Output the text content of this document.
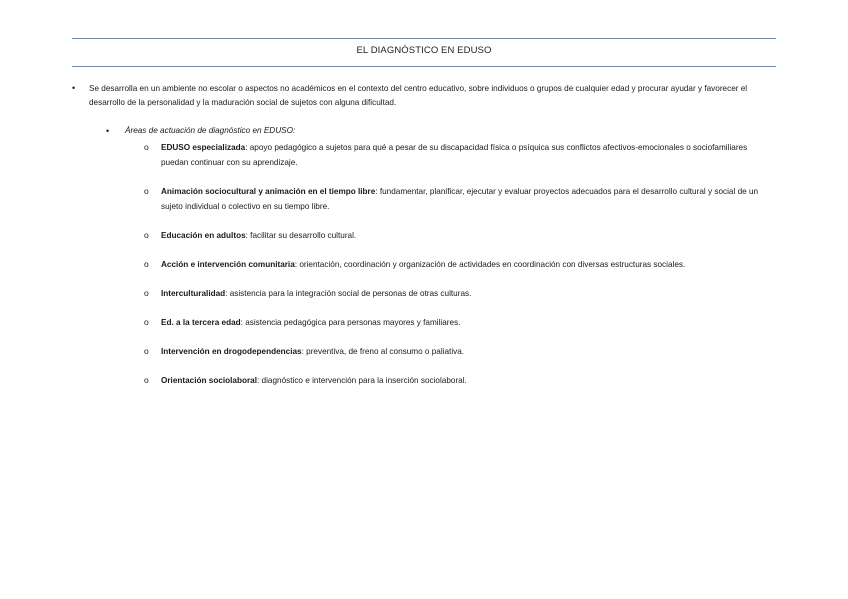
EL DIAGNÓSTICO EN EDUSO
• Se desarrolla en un ambiente no escolar o aspectos no académicos en el contexto del centro educativo, sobre individuos o grupos de cualquier edad y procurar ayudar y favorecer el desarrollo de la personalidad y la maduración social de sujetos con alguna dificultad.
• Áreas de actuación de diagnóstico en EDUSO:
o EDUSO especializada: apoyo pedagógico a sujetos para qué a pesar de su discapacidad física o psíquica sus conflictos afectivos-emocionales o sociofamiliares puedan continuar con su aprendizaje.
o Animación sociocultural y animación en el tiempo libre: fundamentar, planificar, ejecutar y evaluar proyectos adecuados para el desarrollo cultural y social de un sujeto individual o colectivo en su tiempo libre.
o Educación en adultos: facilitar su desarrollo cultural.
o Acción e intervención comunitaria: orientación, coordinación y organización de actividades en coordinación con diversas estructuras sociales.
o Interculturalidad: asistencia para la integración social de personas de otras culturas.
o Ed. a la tercera edad: asistencia pedagógica para personas mayores y familiares.
o Intervención en drogodependencias: preventiva, de freno al consumo o paliativa.
o Orientación sociolaboral: diagnóstico e intervención para la inserción sociolaboral.
